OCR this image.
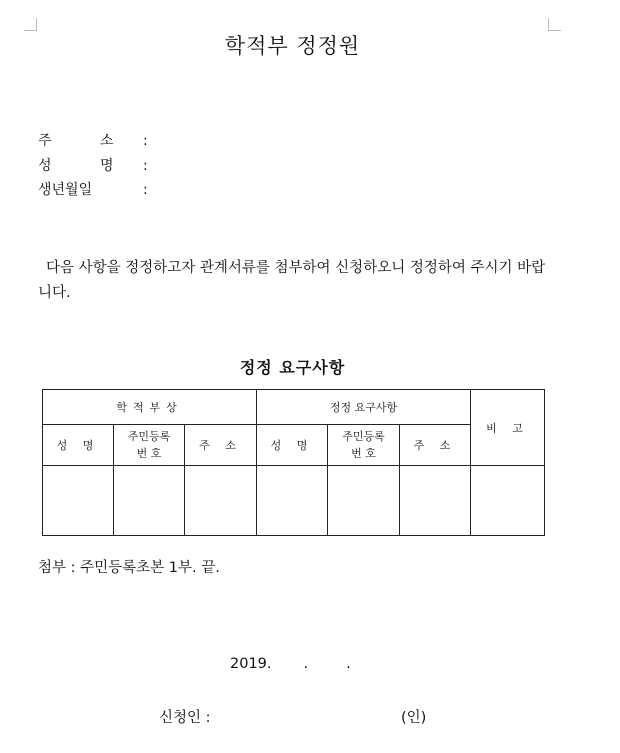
학적부 정정원
주 소 :
성 명 :
생년월일	:
다음 사항을 정정하고자 관계서류를 첨부하여 신청하오니 정정하여 주시기 바랍니다.
정정 요구사항
학적부상			정정 요구사항			비 고
성 명	주민등록번 호	주 소	성 명	주민등록번 호	주 소	

첨부 : 주민등록초본 1부. 끝.
2019. .	.
신청인 :	(인)
